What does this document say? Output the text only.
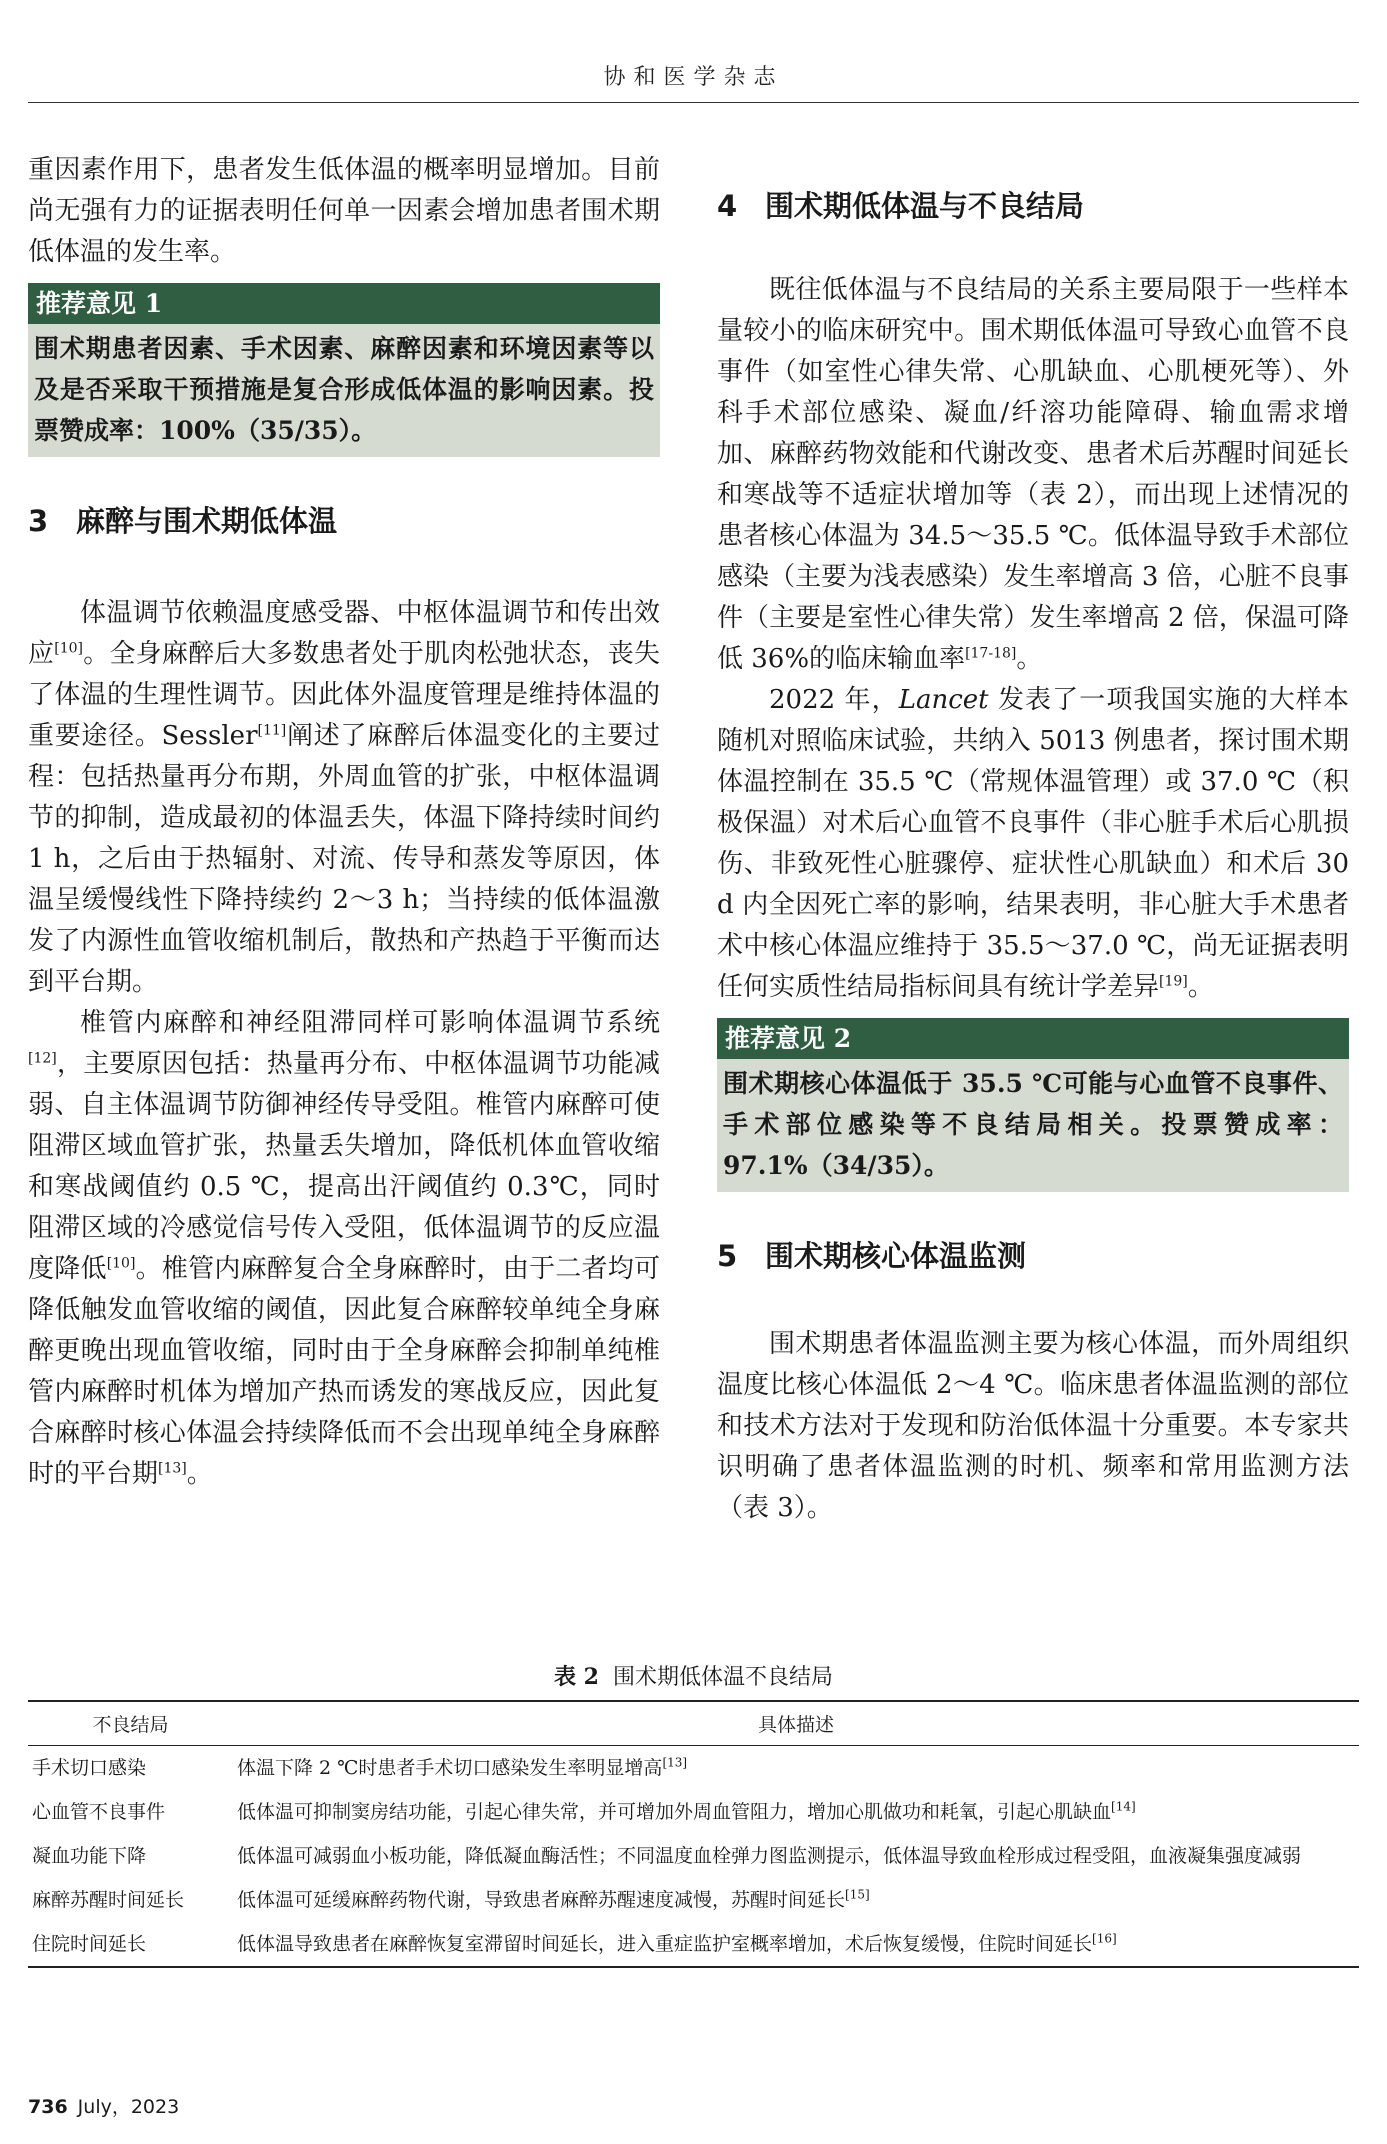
协和医学杂志

重因素作用下，患者发生低体温的概率明显增加。目前尚无强有力的证据表明任何单一因素会增加患者围术期低体温的发生率。

推荐意见 1
围术期患者因素、手术因素、麻醉因素和环境因素等以及是否采取干预措施是复合形成低体温的影响因素。投票赞成率：100%（35/35）。
3 麻醉与围术期低体温

体温调节依赖温度感受器、中枢体温调节和传出效应[10]。全身麻醉后大多数患者处于肌肉松弛状态，丧失了体温的生理性调节。因此体外温度管理是维持体温的重要途径。Sessler[11]阐述了麻醉后体温变化的主要过程：包括热量再分布期，外周血管的扩张，中枢体温调节的抑制，造成最初的体温丢失，体温下降持续时间约 1 h，之后由于热辐射、对流、传导和蒸发等原因，体温呈缓慢线性下降持续约 2～3 h；当持续的低体温激发了内源性血管收缩机制后，散热和产热趋于平衡而达到平台期。

椎管内麻醉和神经阻滞同样可影响体温调节系统[12]，主要原因包括：热量再分布、中枢体温调节功能减弱、自主体温调节防御神经传导受阻。椎管内麻醉可使阻滞区域血管扩张，热量丢失增加，降低机体血管收缩和寒战阈值约 0.5 ℃，提高出汗阈值约 0.3℃，同时阻滞区域的冷感觉信号传入受阻，低体温调节的反应温度降低[10]。椎管内麻醉复合全身麻醉时，由于二者均可降低触发血管收缩的阈值，因此复合麻醉较单纯全身麻醉更晚出现血管收缩，同时由于全身麻醉会抑制单纯椎管内麻醉时机体为增加产热而诱发的寒战反应，因此复合麻醉时核心体温会持续降低而不会出现单纯全身麻醉时的平台期[13]。

4 围术期低体温与不良结局

既往低体温与不良结局的关系主要局限于一些样本量较小的临床研究中。围术期低体温可导致心血管不良事件（如室性心律失常、心肌缺血、心肌梗死等）、外科手术部位感染、凝血/纤溶功能障碍、输血需求增加、麻醉药物效能和代谢改变、患者术后苏醒时间延长和寒战等不适症状增加等（表 2），而出现上述情况的患者核心体温为 34.5～35.5 ℃。低体温导致手术部位感染（主要为浅表感染）发生率增高 3 倍，心脏不良事件（主要是室性心律失常）发生率增高 2 倍，保温可降低 36%的临床输血率[17-18]。

2022 年，Lancet 发表了一项我国实施的大样本随机对照临床试验，共纳入 5013 例患者，探讨围术期体温控制在 35.5 ℃（常规体温管理）或 37.0 ℃（积极保温）对术后心血管不良事件（非心脏手术后心肌损伤、非致死性心脏骤停、症状性心肌缺血）和术后 30 d 内全因死亡率的影响，结果表明，非心脏大手术患者术中核心体温应维持于 35.5～37.0 ℃，尚无证据表明任何实质性结局指标间具有统计学差异[19]。

推荐意见 2
围术期核心体温低于 35.5 ℃可能与心血管不良事件、手术部位感染等不良结局相关。投票赞成率：97.1%（34/35）。
5 围术期核心体温监测

围术期患者体温监测主要为核心体温，而外周组织温度比核心体温低 2～4 ℃。临床患者体温监测的部位和技术方法对于发现和防治低体温十分重要。本专家共识明确了患者体温监测的时机、频率和常用监测方法（表 3）。

表 2 围术期低体温不良结局
不良结局	具体描述
手术切口感染	体温下降 2 ℃时患者手术切口感染发生率明显增高[13]
心血管不良事件	低体温可抑制窦房结功能，引起心律失常，并可增加外周血管阻力，增加心肌做功和耗氧，引起心肌缺血[14]
凝血功能下降	低体温可减弱血小板功能，降低凝血酶活性；不同温度血栓弹力图监测提示，低体温导致血栓形成过程受阻，血液凝集强度减弱
麻醉苏醒时间延长	低体温可延缓麻醉药物代谢，导致患者麻醉苏醒速度减慢，苏醒时间延长[15]
住院时间延长	低体温导致患者在麻醉恢复室滞留时间延长，进入重症监护室概率增加，术后恢复缓慢，住院时间延长[16]
736 July，2023
